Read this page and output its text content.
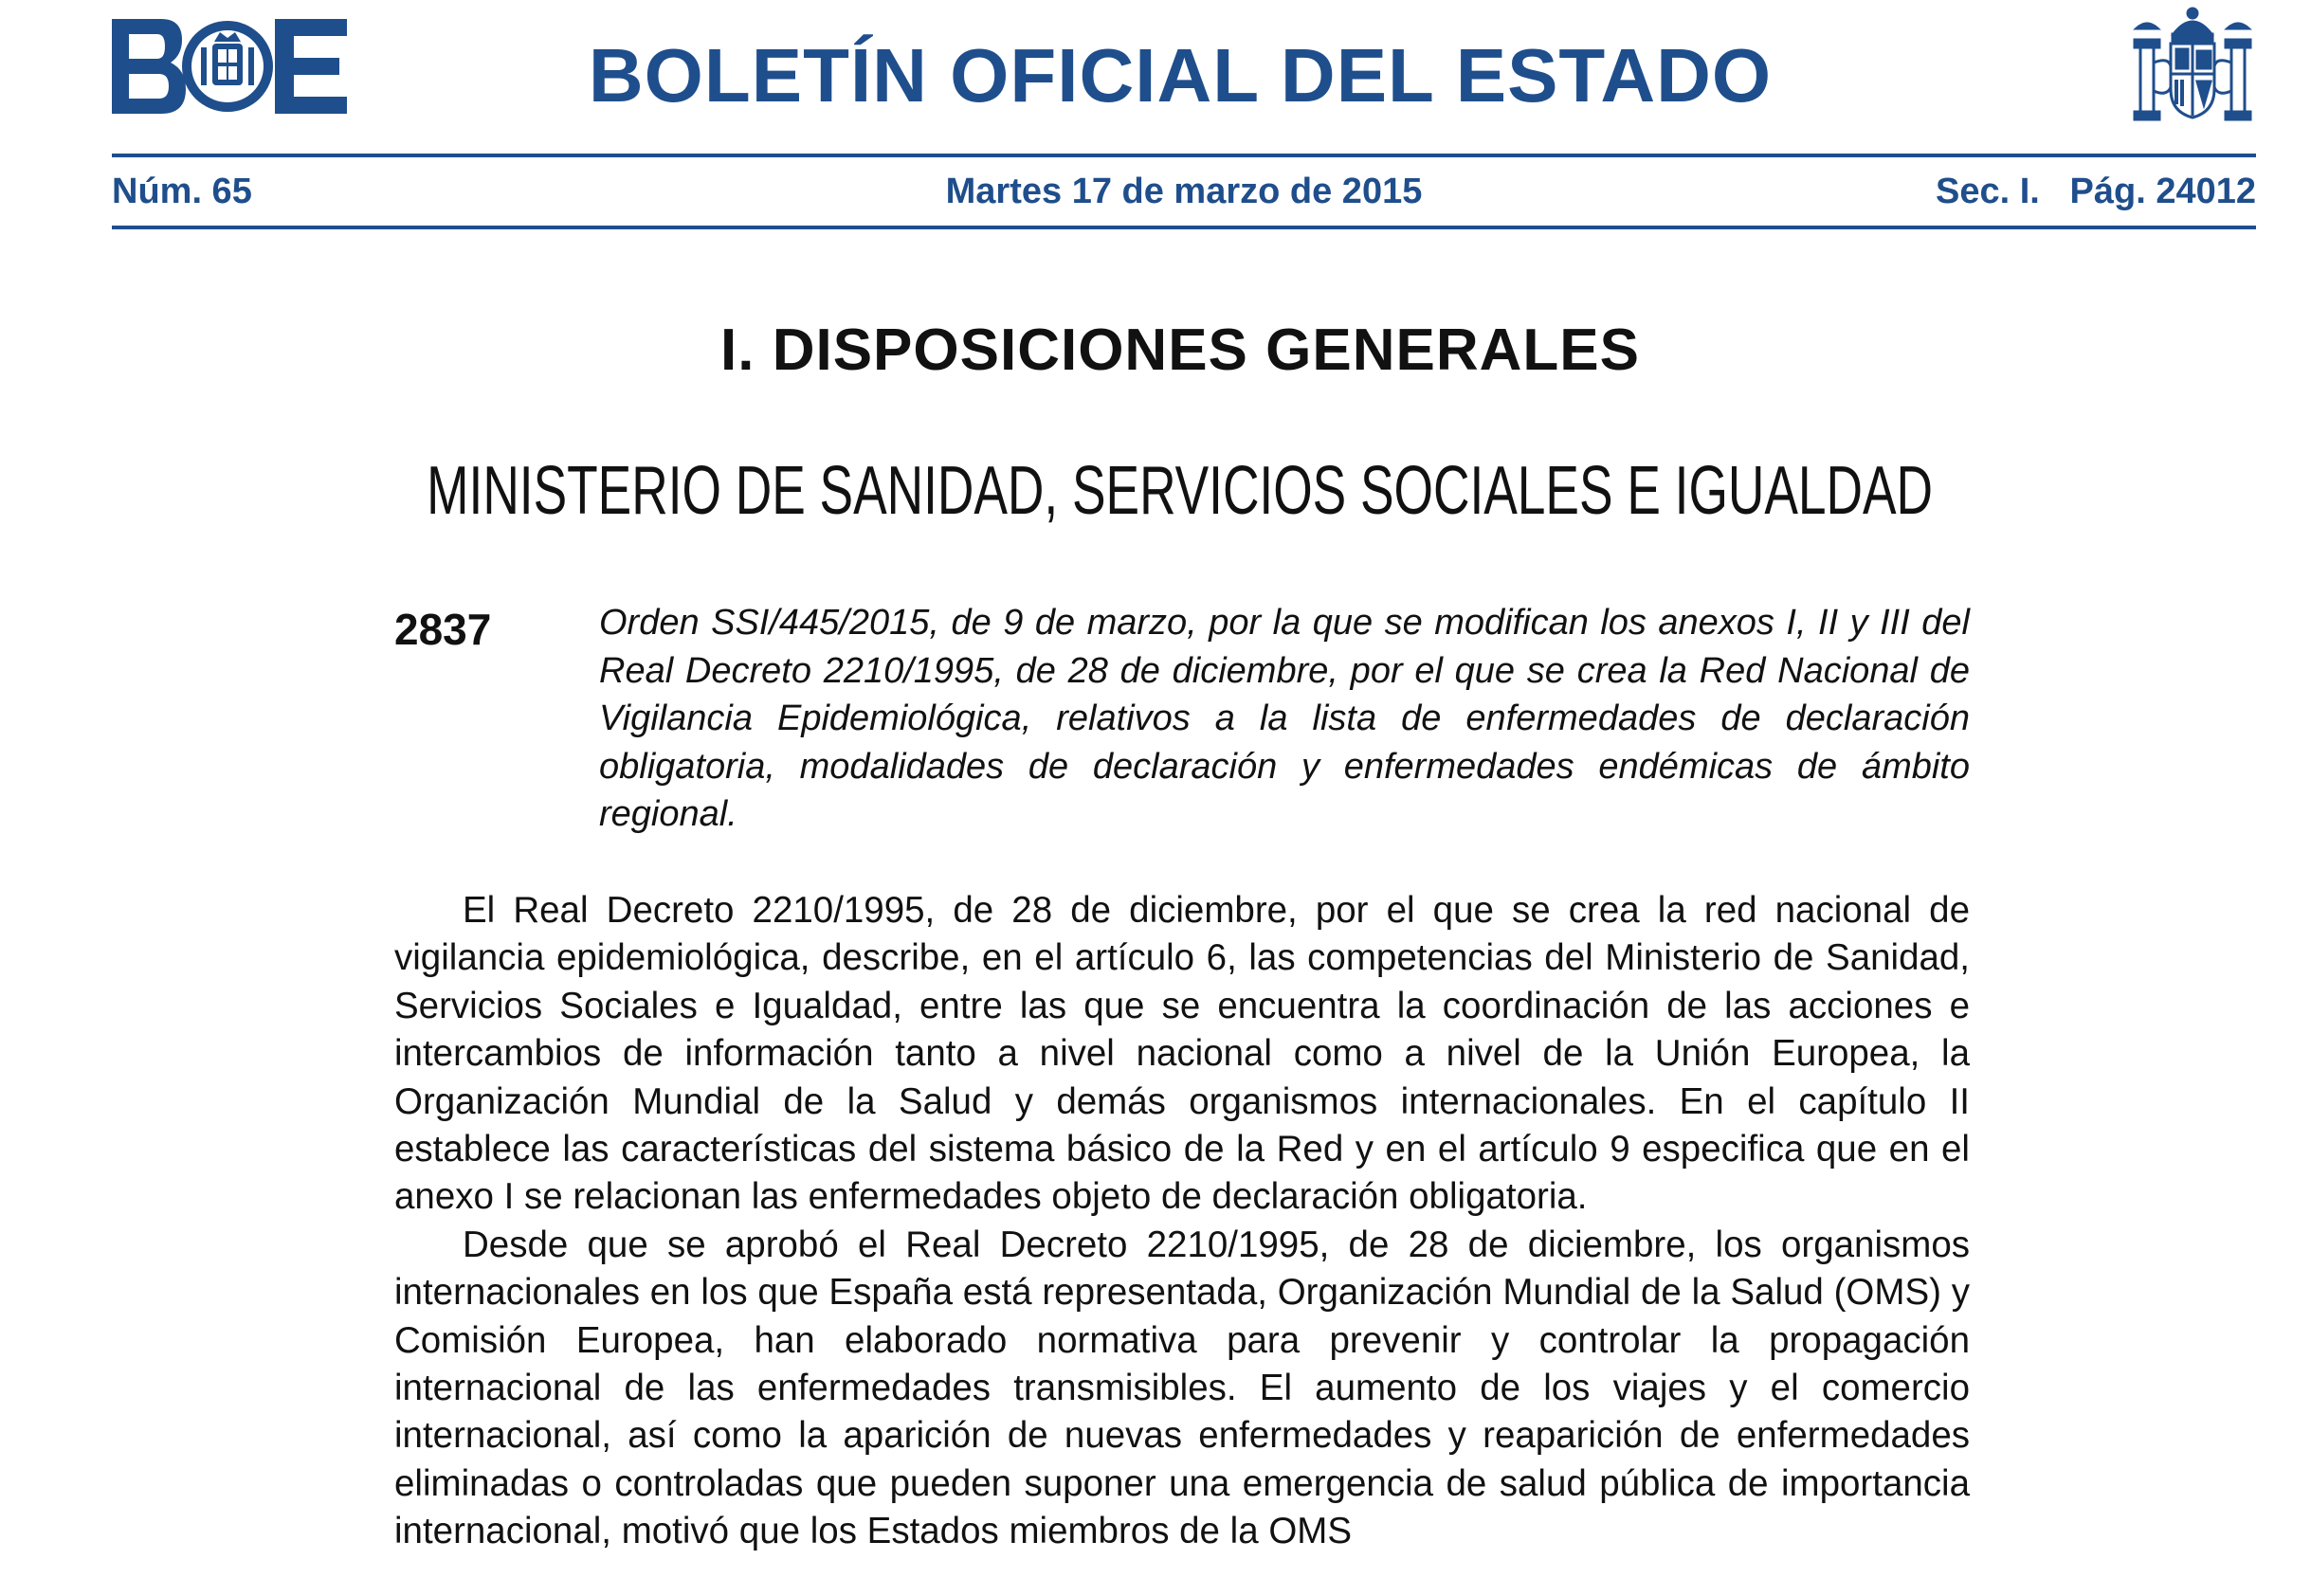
BOLETÍN OFICIAL DEL ESTADO
Núm. 65	Martes 17 de marzo de 2015	Sec. I.   Pág. 24012
I. DISPOSICIONES GENERALES
MINISTERIO DE SANIDAD, SERVICIOS SOCIALES E IGUALDAD
2837	Orden SSI/445/2015, de 9 de marzo, por la que se modifican los anexos I, II y III del Real Decreto 2210/1995, de 28 de diciembre, por el que se crea la Red Nacional de Vigilancia Epidemiológica, relativos a la lista de enfermedades de declaración obligatoria, modalidades de declaración y enfermedades endémicas de ámbito regional.

El Real Decreto 2210/1995, de 28 de diciembre, por el que se crea la red nacional de vigilancia epidemiológica, describe, en el artículo 6, las competencias del Ministerio de Sanidad, Servicios Sociales e Igualdad, entre las que se encuentra la coordinación de las acciones e intercambios de información tanto a nivel nacional como a nivel de la Unión Europea, la Organización Mundial de la Salud y demás organismos internacionales. En el capítulo II establece las características del sistema básico de la Red y en el artículo 9 especifica que en el anexo I se relacionan las enfermedades objeto de declaración obligatoria.

Desde que se aprobó el Real Decreto 2210/1995, de 28 de diciembre, los organismos internacionales en los que España está representada, Organización Mundial de la Salud (OMS) y Comisión Europea, han elaborado normativa para prevenir y controlar la propagación internacional de las enfermedades transmisibles. El aumento de los viajes y el comercio internacional, así como la aparición de nuevas enfermedades y reaparición de enfermedades eliminadas o controladas que pueden suponer una emergencia de salud pública de importancia internacional, motivó que los Estados miembros de la OMS
